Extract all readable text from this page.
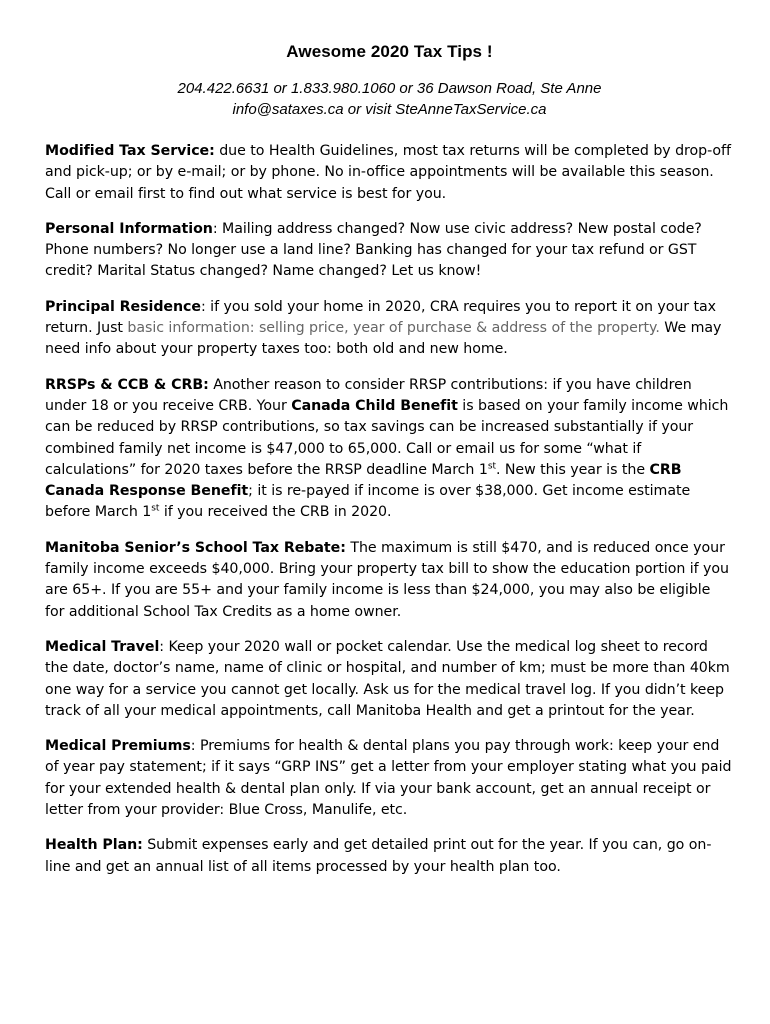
Awesome 2020 Tax Tips !
204.422.6631 or 1.833.980.1060 or 36 Dawson Road, Ste Anne
info@sataxes.ca or visit SteAnneTaxService.ca

Modified Tax Service: due to Health Guidelines, most tax returns will be completed by drop-off and pick-up; or by e-mail; or by phone. No in-office appointments will be available this season. Call or email first to find out what service is best for you.

Personal Information: Mailing address changed? Now use civic address? New postal code? Phone numbers? No longer use a land line? Banking has changed for your tax refund or GST credit? Marital Status changed? Name changed? Let us know!

Principal Residence: if you sold your home in 2020, CRA requires you to report it on your tax return. Just basic information: selling price, year of purchase & address of the property. We may need info about your property taxes too: both old and new home.

RRSPs & CCB & CRB: Another reason to consider RRSP contributions: if you have children under 18 or you receive CRB. Your Canada Child Benefit is based on your family income which can be reduced by RRSP contributions, so tax savings can be increased substantially if your combined family net income is $47,000 to 65,000. Call or email us for some “what if calculations” for 2020 taxes before the RRSP deadline March 1st. New this year is the CRB Canada Response Benefit; it is re-payed if income is over $38,000. Get income estimate before March 1st if you received the CRB in 2020.

Manitoba Senior’s School Tax Rebate: The maximum is still $470, and is reduced once your family income exceeds $40,000. Bring your property tax bill to show the education portion if you are 65+. If you are 55+ and your family income is less than $24,000, you may also be eligible for additional School Tax Credits as a home owner.

Medical Travel: Keep your 2020 wall or pocket calendar. Use the medical log sheet to record the date, doctor’s name, name of clinic or hospital, and number of km; must be more than 40km one way for a service you cannot get locally. Ask us for the medical travel log. If you didn’t keep track of all your medical appointments, call Manitoba Health and get a printout for the year.

Medical Premiums: Premiums for health & dental plans you pay through work: keep your end of year pay statement; if it says “GRP INS” get a letter from your employer stating what you paid for your extended health & dental plan only. If via your bank account, get an annual receipt or letter from your provider: Blue Cross, Manulife, etc.

Health Plan: Submit expenses early and get detailed print out for the year. If you can, go on-line and get an annual list of all items processed by your health plan too.
